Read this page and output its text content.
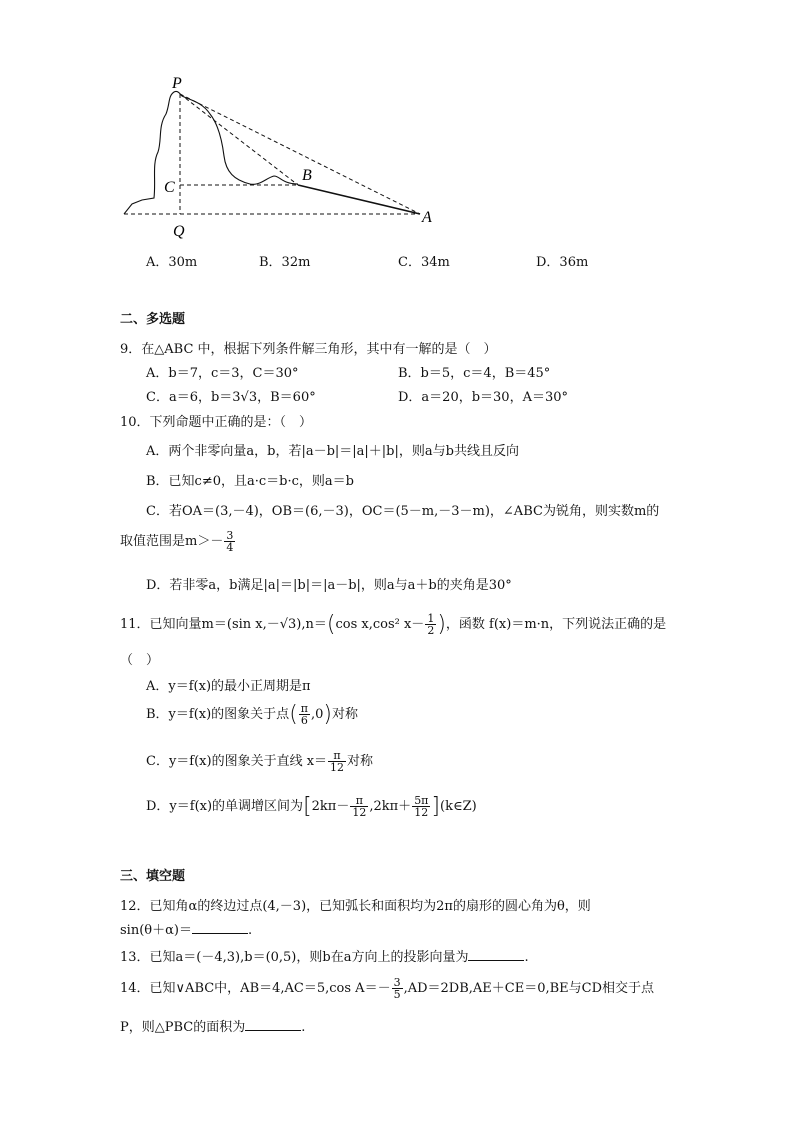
P
C
B
Q
A
A．30m	B．32m	C．34m	D．36m
二、多选题
9．在△ABC 中，根据下列条件解三角形，其中有一解的是（　）
A．b＝7，c＝3，C＝30°	B．b＝5，c＝4，B＝45°
C．a＝6，b＝3√3，B＝60°	D．a＝20，b＝30，A＝30°
10．下列命题中正确的是：（　）
A．两个非零向量a，b，若|a－b|＝|a|＋|b|，则a与b共线且反向
B．已知c≠0，且a·c＝b·c，则a＝b
C．若OA＝(3,－4)，OB＝(6,－3)，OC＝(5－m,－3－m)，∠ABC为锐角，则实数m的
取值范围是$m>- \frac{3}{4}$
D．若非零a，b满足|a|＝|b|＝|a－b|，则a与a＋b的夹角是30°
11．已知向量m＝(sin x,－√3),n＝(cos x,cos² $x- \frac{1}{2}$ )，函数 f(x)＝m·n，下列说法正确的是
（　）
A．y＝f(x)的最小正周期是π
B．y＝f(x)的图象关于点( $\frac{\pi}{6} ,0$)对称
C．y＝f(x)的图象关于直线 $x= \frac{\pi}{12}$ 对称
D．y＝f(x)的单调增区间为[$2k\pi- \frac{\pi}{12} ,2k\pi+ \frac{5\pi}{12}$ ](k∈Z)
三、填空题
12．已知角α的终边过点(4,－3)，已知弧长和面积均为2π的扇形的圆心角为θ，则
sin(θ＋α)＝	.
13．已知a＝(－4,3),b＝(0,5)，则b在a方向上的投影向量为	.
14．已知∨ABC中，AB＝4,AC＝5,cos $A=- \frac{3}{5} ,AD=2DB,AE+CE=0,BE$与CD相交于点
P，则△PBC的面积为	.
